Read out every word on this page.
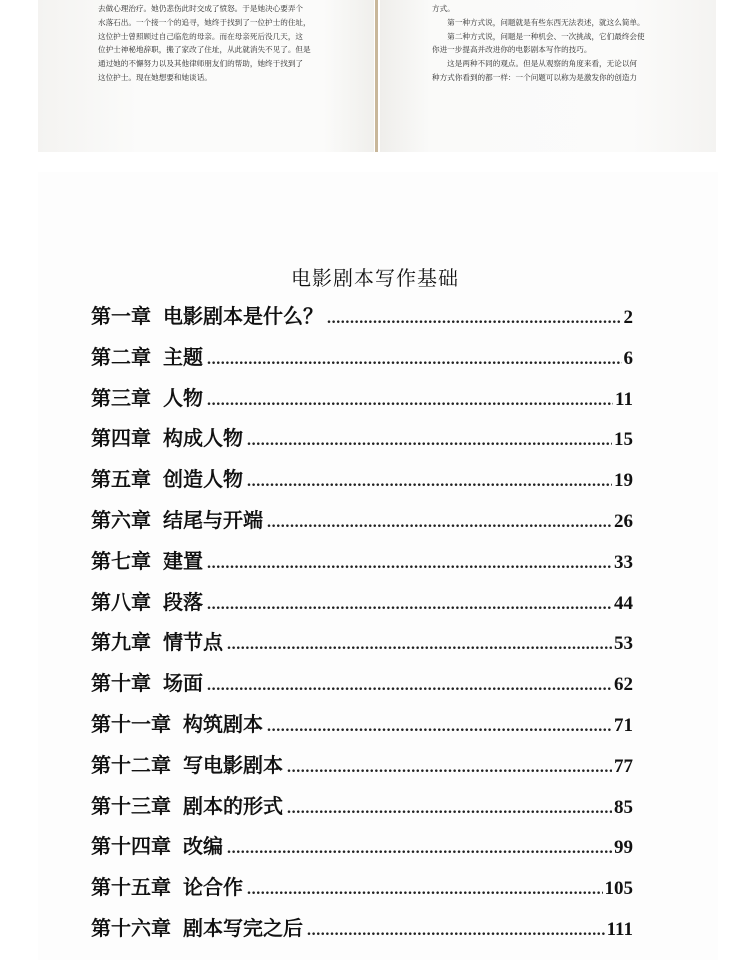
去做心理治疗。她仍悲伤此时交成了愤怒。于是她决心要弄个
水落石出。一个接一个的追寻，她终于找到了一位护士的住址，
这位护士曾照顾过自己临危的母亲。而在母亲死后没几天，这
位护士神秘地辞职，搬了家改了住址，从此就消失不见了。但是
通过她的不懈努力以及其他律师朋友们的帮助，她终于找到了
这位护士。现在她想要和她谈话。
方式。
　　第一种方式说，问题就是有些东西无法表述，就这么简单。
　　第二种方式说，问题是一种机会、一次挑战，它们最终会使
你进一步提高并改进你的电影剧本写作的技巧。
　　这是两种不同的观点。但是从观察的角度来看，无论以何
种方式你看到的都一样：一个问题可以称为是激发你的创造力
电影剧本写作基础
第一章 电影剧本是什么？ .....	2
第二章 主题 .....	6
第三章 人物 .....	11
第四章 构成人物 .....	15
第五章 创造人物 .....	19
第六章 结尾与开端 .....	26
第七章 建置 .....	33
第八章 段落 .....	44
第九章 情节点 .....	53
第十章 场面 .....	62
第十一章 构筑剧本 .....	71
第十二章 写电影剧本 .....	77
第十三章 剧本的形式 .....	85
第十四章 改编 .....	99
第十五章 论合作 .....	105
第十六章 剧本写完之后 .....	111
